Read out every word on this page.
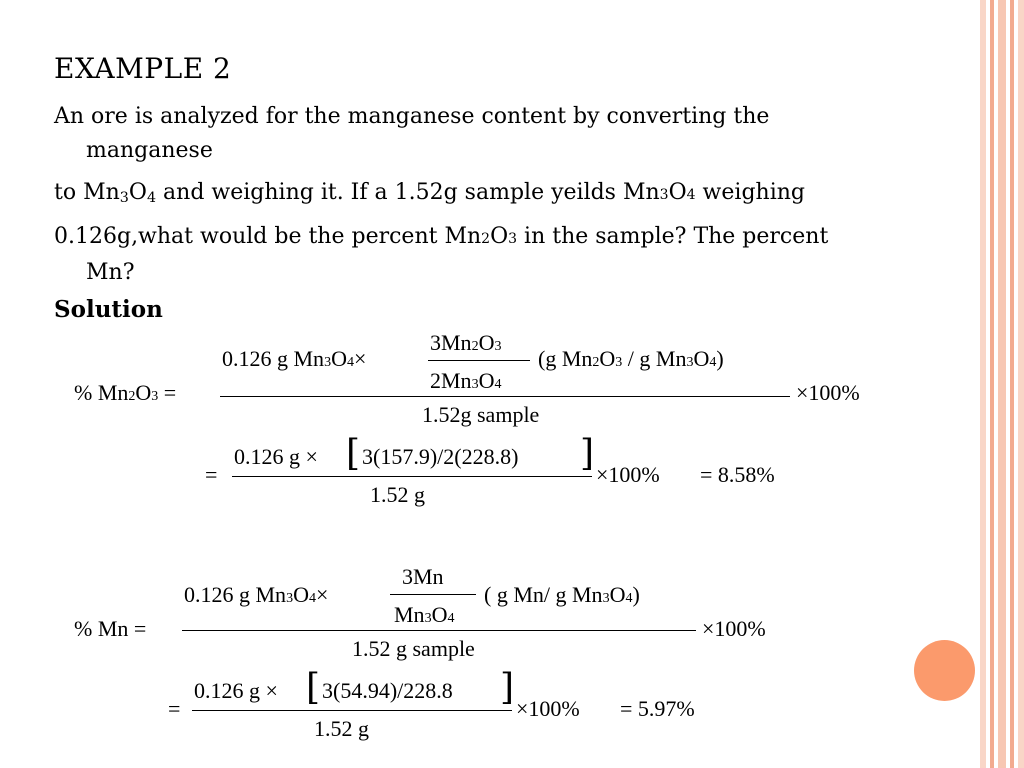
EXAMPLE 2
An ore is analyzed for the manganese content by converting the
manganese
to $Mn_3O_4$ and weighing it. If a 1.52g sample yeilds Mn3O4 weighing
0.126g,what would be the percent Mn2O3 in the sample? The percent
Mn?
Solution
% Mn2O3 =
0.126 g Mn3O4×
3Mn2O3
2Mn3O4
(g Mn2O3 / g Mn3O4)
1.52g sample
×100%
=
0.126 g × [ 3(157.9)/2(228.8) ]
1.52 g
×100% = 8.58%
% Mn =
0.126 g Mn3O4×
3Mn
Mn3O4
( g Mn/ g Mn3O4)
1.52 g sample
×100%
=
0.126 g × [ 3(54.94)/228.8 ]
1.52 g
×100% = 5.97%
